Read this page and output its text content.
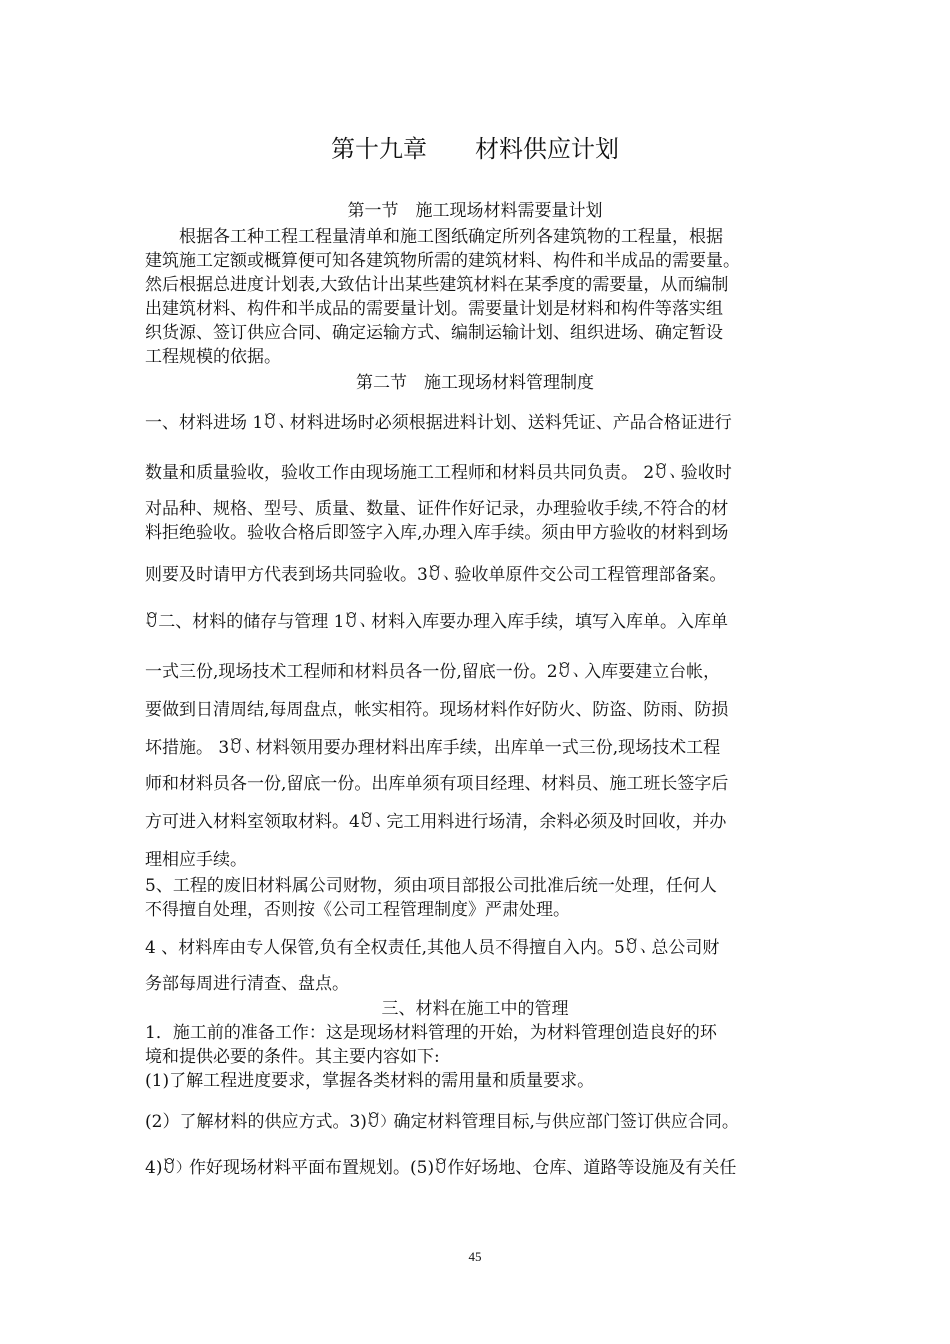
第十九章　　材料供应计划
第一节　施工现场材料需要量计划
　　根据各工种工程工程量清单和施工图纸确定所列各建筑物的工程量，根据
建筑施工定额或概算便可知各建筑物所需的建筑材料、构件和半成品的需要量。
然后根据总进度计划表,大致估计出某些建筑材料在某季度的需要量，从而编制
出建筑材料、构件和半成品的需要量计划。需要量计划是材料和构件等落实组
织货源、签订供应合同、确定运输方式、编制运输计划、组织进场、确定暂设
工程规模的依据。
第二节　施工现场材料管理制度
一、材料进场 1ꀄ、材料进场时必须根据进料计划、送料凭证、产品合格证进行
数量和质量验收，验收工作由现场施工工程师和材料员共同负责。 2ꀄ、验收时
对品种、规格、型号、质量、数量、证件作好记录，办理验收手续,不符合的材
料拒绝验收。验收合格后即签字入库,办理入库手续。须由甲方验收的材料到场
则要及时请甲方代表到场共同验收。3ꀄ、验收单原件交公司工程管理部备案。
ꀄ二、材料的储存与管理 1ꀄ、材料入库要办理入库手续，填写入库单。入库单
一式三份,现场技术工程师和材料员各一份,留底一份。2ꀄ、入库要建立台帐，
要做到日清周结,每周盘点，帐实相符。现场材料作好防火、防盗、防雨、防损
坏措施。 3ꀄ、材料领用要办理材料出库手续，出库单一式三份,现场技术工程
师和材料员各一份,留底一份。出库单须有项目经理、材料员、施工班长签字后
方可进入材料室领取材料。4ꀄ、完工用料进行场清，余料必须及时回收，并办
理相应手续。
5、工程的废旧材料属公司财物，须由项目部报公司批准后统一处理，任何人
不得擅自处理，否则按《公司工程管理制度》严肃处理。
4 、材料库由专人保管,负有全权责任,其他人员不得擅自入内。5ꀄ、总公司财
务部每周进行清查、盘点。
三、材料在施工中的管理
1．施工前的准备工作：这是现场材料管理的开始，为材料管理创造良好的环
境和提供必要的条件。其主要内容如下:
(1)了解工程进度要求，掌握各类材料的需用量和质量要求。
(2）了解材料的供应方式。3)ꀄ）确定材料管理目标,与供应部门签订供应合同。
4)ꀄ）作好现场材料平面布置规划。(5)ꀄ作好场地、仓库、道路等设施及有关任
45
